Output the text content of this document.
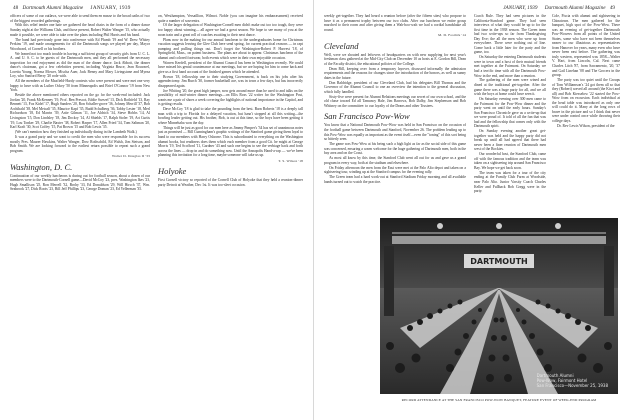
48 Dartmouth Alumni Magazine JANUARY, 1939

officers of some of our outlaws, we were able to send them en masse to the broad oaths of two of the biggest recorded gatherings.

With this relief tender one hate we gathered the head chairs in the form of a dinner dance Sunday night at the Williams Club, and those present, Robert Walter Wanger '15, who actually made it possible, we were able to take over the plans including Phil Harris and his band.

The band had previously gone into conference with Ed Plumb '19 and W. Drew Whitey Perkins '19, and made arrangements for all the Dartmouth songs we played per day, Mayor Woodward, of Cornell or his brothers.

We leaned not too much trouble in having a sufficient group of security girls from U. C. L. A. and U. S. C. to be guests of the Dartmouth men, and they all performed the necessary inspection for real enjoyment as did the man of the dinner dance. Jack Abbott, the dinner dance's chairman, got a few celebrities present, including Virginia Bruce, Jean Rouvarel, Loretta Young, Norma Mower, Mischa Auer, Jack Benny and Mary Livingstone and Myrna Loy, who Sanford Berry '20 rode with.

All the members of the Maxfield-Hardy contests who were present and were met one very happy to have with us Luther Ockey '50 from Minneapolis and Brief O'Connor '19 from New York.

Beside the above mentioned others reported on the go for the week-end included: Jack Jordan '20, Frank McKenney '19, Prof. Ben Prescot, Eddie Swezel '13, Dick Rothfeld '13, Ray Bennett '13, Fox Kidel '17, Hugh Sanders '20, Ron Schaller-grove '36, Johnny Merrill '37, Bob Archibald '38, Mel Metcalf '35, Maurice Kapf '35, Budd Schulberg '36, Tabby Lester '18, Merl Richardson '18, Ed Marrin '39, Artie Gilman '11, Joe Aldrich '34, Steve Hobbs '14, Al Livingston '15, Don Lindsley '18, Jim Dockry '14, Al Shields '17, Ralph Stoler '19, Art Curtis '19, Lou Tonker '29, Charlie Baxter '38, Robert Harper '17, Allen Fried '34, Tom Saltman '20, Karl Kraft '30, Scot Coffey '15, Pat Brown '15 and Bob Lewis '35.

(We can't mention how they finished up individually dining in the Lambeth Walk.)

It was a grand party and we want to credit the men who were responsible for its success mostly Pres. Maurer Hawkins, Walter Wanger, Dow Rothschild, Ed Walsh, Jim Stetson, and Bob Smith. We are looking forward to the earliest return possible to repeat such a grand program.

Walter D. Douglas II '33
Washington, D. C.

Continuation of our weekly luncheons is during out for football season, about a dozen of our members were to the Dartmouth-Cornell game—David McCoy '23, pres. Washington Ikes '23, Hugh Smallison '25, Ron Merrell '32, Brohy '33, Ed Donaldson '29, Will Hirsch '37, Wm. Seabrook '27, Dick Roots '23, Bill Jeff Phillips '23, George Doman '23, Ed Yellerman '35.

on, Westhampton, Versaillion, Wilmot. Noble (you can imagine his embarrassment) received quite a number of souvenirs.

Of the larger delegation of Washington-Cornell men didn't make out too too tough, they were too happy about winning— all agree we had a great season. We hope to see many of you at the noon train and a great roll of coaches awaiting to their next dance.

Plans now in the making for our annual luncheon to the undergraduates home for Christmas vacation suggests leaving the Glee Club here send spring, for current practical reasons — in rapt pumping and pulling things out. Don't forget the Washington-Robert P. Harvest '18, of Springfield, Mass., on patent business. The plans are about to appear. Christmas luncheon of the alumni and colored footwear, both events which were in their own enjoyable occasion.

Warren Kerdell, president of the Alumni Council has been in Washington recently. We could have missed his genial countenance at our meetings, but we are hoping for him to come back and give us a first hand account of the finished games which he attended.

Brown '18, fellowship one to their studying Government, is back on his jobs after his appendectomy. Jim Burch '30, former basketball ace, was in town a few days, but has incorrectly disappeared again.

Joe Whiting '20, the great high jumper, now gets around more than he used to and talks on the possibility of mid-winter dinner meetings—on Ellis Ross '22 writer for the Washington Post, wants me a pair of shoes a week covering the highlights of national importance in the Capitol, and is getting results.

Dave McCoy '18 is glad to take the pounding from the best. Barn Roberts '18 is a deeply tall man with a trip to Florida for a delayed vacation, but hasn't stopped at all this writing—the bowling leader getting out. His brother, Bob, is out at this time, so the boys have been getting it where Minnehaha won the day.

Things will be just as good for our men here as Jimmy Pimper's '34 has set of unanimous notes just as promised — Bill Cunningham's graphic writings of the Stanford game giving them loyal to hand to our members with Harry Osborne. This is subordinated to everything on the Washington alumni books, but readiness does them which each member from a good Cit. he might at George Morris '19, Ted Scofford '11, Gardner '43 and such one begins to see the verbiage back and forth across the lines — drop in and do something now. Until the Annapolis Hand-a-rap — we've been planning this invitation for a long time, maybe someone will take us up.

T. S. Wilson '18
Holyoke

First Cornell victory so reported of the Cornell Club of Holyoke that they held a reunion-dinner party Detroit at Weather, Dec 1st. It was too-sleet occasion.

JANUARY, 1939 Dartmouth Alumni Magazine 49

weekly get-together. They had heard a reunion before (after the fifteen sites) who propose to have it as a permanent trophy between our two clubs. After our luncheon we entire group marched to their room and after giving them a Wah-hoo-wah we had a cordial handshake all round.

M. D. Fosdick '14
Cleveland

Well, were we shouted and leftovers of headquarters on with new supplying for next year's freshman class gathered at the Mid-City Club on December 10 as hosts at E. Gordon Bill, Dean of the Faculty district, the educational policies of the College.

Dean Bill, keeping over from a temporary layover, discussed informally the admission requirements and the reasons for changes since the introduction of the honors, as well as sunny dates in the future.

Don Baldridge, president of our Cleveland Club, had his delegates Bill Thomas and the Governor of the Alumni Council to one an overview the intention to the general discussion, which fully handled.

Sixty-five were present for Alumni Relations meetings our secret of our own school, and the old chase toward Ed all Tamuncy Hale, Jim Barrows, Bob Dalby, Jim Stephenson and Bob Whitney on the committee: to our loyalty of the Deans and other Trustees.

San Francisco Pow-Wow

You know that a National Dartmouth Pow-Wow was held in San Francisco on the occasion of the football game between Dartmouth and Stanford, November 26. The problem leading up to this Pow-Wow was equally as important as the event itself—even the "toning" of this sort being so bitterly seen.

The game was Pow-Wow at his being such a high light as far as the social side of this game was concerned, ensuring a warm welcome for the huge gathering of Dartmouth men, both in the bay area and on the Coast.

As most all know by this time, the Stanford Club went all out for us and gave us a grand program in every way, both at the stadium and elsewhere.

On Friday afternoon the men from the East were met at the Palo Alto depot and taken on a sightseeing tour, winding up at the Stanford campus for the evening rally.

The Green team had a hard work-out at Stanford Stadium Friday morning and all available hands turned out to watch the practice.

Coach Rule. They had seen pictures in the California-Stanford game. They had seen interviews of what they would be up to for the first time in the 1938 season. The Green team had two write-ups so far from Thanksgiving Day Eve; the all the men who were up from everywhere. There were nothing out of line. Come back a little later for the party and the game, too.

On Saturday the entering Dartmouth students were in town and a host of their mutual friends met together at the Fairmont. On Saturday we had a terrific time with all the Dartmouth Pow-Wow in the end, and more than a reunion.

The gathering of the men were wined and dined at the traditional get-together. After the game there was a huge party for all, and we all wish the boys at home could have seen it.

On Saturday evening over 300 men came to the Fairmont for the Pow-Wow dinner and the party went on until the early hours. Sunday's San Francisco Chronicle gave us a write-up that we were proud of. It told of all the fun that was had and the fellowship that comes only with the Dartmouth spirit.

On Sunday evening another great get-together was held and the happy party did not break up until all had agreed that there had never been a finer reunion of Dartmouth men west of the Rockies.

Our wonderful host, the Stanford Club, came off with the famous tradition and the team was taken on a sightseeing trip around San Francisco Bay. We hope we get back soon.

The team was taken for a tour of the city ending at the Family Club Farm at Woodside, near Palo Alto. Junior Varsity Coach Charles Keller and Fullback Bob Gregg were in the party.

Cole, Fiscia with alumni and sightseeing in Chinatown. The men gathered for the banquet, high spot of the Pow-Wow. There was an evening of get-together Dartmouth Pow-Wowers from all points of the United States, some who have not been themselves nearer to our illustrious as representatives from Hanover for years, many even who have never been east before. The gathering was truly western, represented was 1858—Walter V. Hart, from Lincoln, Cal. Next came Charles Litch '87, from Sacramento, '20, '37 and Gail Linehan '08 and The Grocers in the group.

The party was too quiet until the Groups of Tom Williamson's '24 got them all so that they (Robert) waved all around (the Kiwi and all) and Bob Kiesselow '22 started the Pow-Wow from on excursion. Each individual at the head table was introduced as only one will could do it. Many at the long rows of brave in the picture and so I think that never were under control once while throwing their college days.

Dr. Rev Lewis Wilson, president of the

DARTMOUTH
Dartmouth Alumni
Pow-Wow, Fairmont Hotel
San Francisco—November 25, 1938
RECORD ATTENDANCE AT THE SAN FRANCISCO POW-WOW BANQUET, FEATURE EVENT OF WEEK-END PROGRAM
